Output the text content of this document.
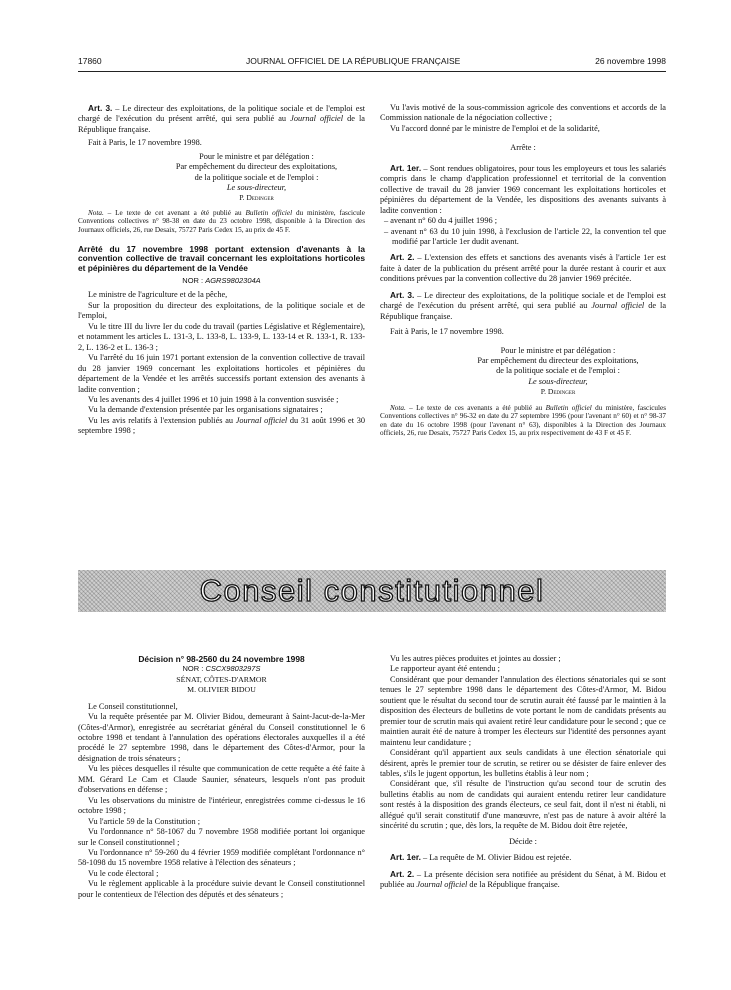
17860	JOURNAL OFFICIEL DE LA RÉPUBLIQUE FRANÇAISE	26 novembre 1998

Art. 3. – Le directeur des exploitations, de la politique sociale et de l'emploi est chargé de l'exécution du présent arrêté, qui sera publié au Journal officiel de la République française.

Fait à Paris, le 17 novembre 1998.

Pour le ministre et par délégation :
Par empêchement du directeur des exploitations,
de la politique sociale et de l'emploi :
Le sous-directeur,
P. Dedinger

Nota. – Le texte de cet avenant a été publié au Bulletin officiel du ministère, fascicule Conventions collectives n° 98-38 en date du 23 octobre 1998, disponible à la Direction des Journaux officiels, 26, rue Desaix, 75727 Paris Cedex 15, au prix de 45 F.

Arrêté du 17 novembre 1998 portant extension d'avenants à la convention collective de travail concernant les exploitations horticoles et pépinières du département de la Vendée

NOR : AGRS9802304A

Le ministre de l'agriculture et de la pêche,

Sur la proposition du directeur des exploitations, de la politique sociale et de l'emploi,

Vu le titre III du livre Ier du code du travail (parties Législative et Réglementaire), et notamment les articles L. 131-3, L. 133-8, L. 133-9, L. 133-14 et R. 133-1, R. 133-2, L. 136-2 et L. 136-3 ;

Vu l'arrêté du 16 juin 1971 portant extension de la convention collective de travail du 28 janvier 1969 concernant les exploitations horticoles et pépinières du département de la Vendée et les arrêtés successifs portant extension des avenants à ladite convention ;

Vu les avenants des 4 juillet 1996 et 10 juin 1998 à la convention susvisée ;

Vu la demande d'extension présentée par les organisations signataires ;

Vu les avis relatifs à l'extension publiés au Journal officiel du 31 août 1996 et 30 septembre 1998 ;

Vu l'avis motivé de la sous-commission agricole des conventions et accords de la Commission nationale de la négociation collective ;

Vu l'accord donné par le ministre de l'emploi et de la solidarité,

Arrête :

Art. 1er. – Sont rendues obligatoires, pour tous les employeurs et tous les salariés compris dans le champ d'application professionnel et territorial de la convention collective de travail du 28 janvier 1969 concernant les exploitations horticoles et pépinières du département de la Vendée, les dispositions des avenants suivants à ladite convention :

– avenant n° 60 du 4 juillet 1996 ;

– avenant n° 63 du 10 juin 1998, à l'exclusion de l'article 22, la convention tel que modifié par l'article 1er dudit avenant.

Art. 2. – L'extension des effets et sanctions des avenants visés à l'article 1er est faite à dater de la publication du présent arrêté pour la durée restant à courir et aux conditions prévues par la convention collective du 28 janvier 1969 précitée.

Art. 3. – Le directeur des exploitations, de la politique sociale et de l'emploi est chargé de l'exécution du présent arrêté, qui sera publié au Journal officiel de la République française.

Fait à Paris, le 17 novembre 1998.

Pour le ministre et par délégation :
Par empêchement du directeur des exploitations,
de la politique sociale et de l'emploi :
Le sous-directeur,
P. Dedinger

Nota. – Le texte de ces avenants a été publié au Bulletin officiel du ministère, fascicules Conventions collectives n° 96-32 en date du 27 septembre 1996 (pour l'avenant n° 60) et n° 98-37 en date du 16 octobre 1998 (pour l'avenant n° 63), disponibles à la Direction des Journaux officiels, 26, rue Desaix, 75727 Paris Cedex 15, au prix respectivement de 43 F et 45 F.

Conseil constitutionnel
Décision n° 98-2560 du 24 novembre 1998
NOR : CSCX9803297S
SÉNAT, CÔTES-D'ARMOR
M. OLIVIER BIDOU

Le Conseil constitutionnel,

Vu la requête présentée par M. Olivier Bidou, demeurant à Saint-Jacut-de-la-Mer (Côtes-d'Armor), enregistrée au secrétariat général du Conseil constitutionnel le 6 octobre 1998 et tendant à l'annulation des opérations électorales auxquelles il a été procédé le 27 septembre 1998, dans le département des Côtes-d'Armor, pour la désignation de trois sénateurs ;

Vu les pièces desquelles il résulte que communication de cette requête a été faite à MM. Gérard Le Cam et Claude Saunier, sénateurs, lesquels n'ont pas produit d'observations en défense ;

Vu les observations du ministre de l'intérieur, enregistrées comme ci-dessus le 16 octobre 1998 ;

Vu l'article 59 de la Constitution ;

Vu l'ordonnance n° 58-1067 du 7 novembre 1958 modifiée portant loi organique sur le Conseil constitutionnel ;

Vu l'ordonnance n° 59-260 du 4 février 1959 modifiée complétant l'ordonnance n° 58-1098 du 15 novembre 1958 relative à l'élection des sénateurs ;

Vu le code électoral ;

Vu le règlement applicable à la procédure suivie devant le Conseil constitutionnel pour le contentieux de l'élection des députés et des sénateurs ;

Vu les autres pièces produites et jointes au dossier ;

Le rapporteur ayant été entendu ;

Considérant que pour demander l'annulation des élections sénatoriales qui se sont tenues le 27 septembre 1998 dans le département des Côtes-d'Armor, M. Bidou soutient que le résultat du second tour de scrutin aurait été faussé par le maintien à la disposition des électeurs de bulletins de vote portant le nom de candidats présents au premier tour de scrutin mais qui avaient retiré leur candidature pour le second ; que ce maintien aurait été de nature à tromper les électeurs sur l'identité des personnes ayant maintenu leur candidature ;

Considérant qu'il appartient aux seuls candidats à une élection sénatoriale qui désirent, après le premier tour de scrutin, se retirer ou se désister de faire enlever des tables, s'ils le jugent opportun, les bulletins établis à leur nom ;

Considérant que, s'il résulte de l'instruction qu'au second tour de scrutin des bulletins établis au nom de candidats qui auraient entendu retirer leur candidature sont restés à la disposition des grands électeurs, ce seul fait, dont il n'est ni établi, ni allégué qu'il serait constitutif d'une manœuvre, n'est pas de nature à avoir altéré la sincérité du scrutin ; que, dès lors, la requête de M. Bidou doit être rejetée,

Décide :

Art. 1er. – La requête de M. Olivier Bidou est rejetée.

Art. 2. – La présente décision sera notifiée au président du Sénat, à M. Bidou et publiée au Journal officiel de la République française.
